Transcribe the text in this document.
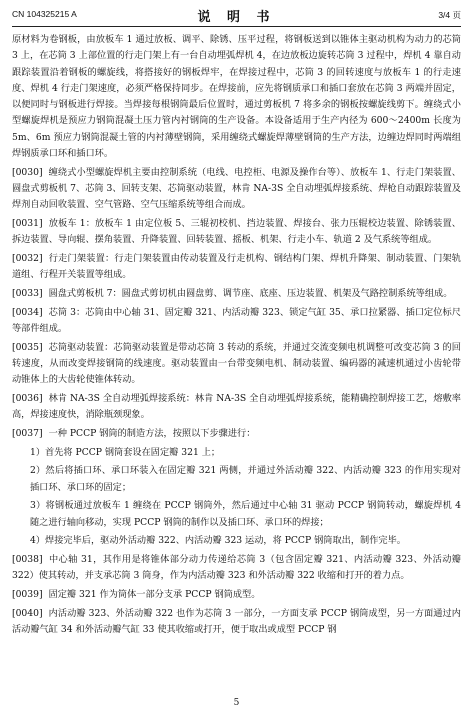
CN 104325215 A	说 明 书	3/4 页

原材料为卷钢板，由放板车 1 通过放板、调平、除锈、压平过程，将钢板送到以锥体主驱动机构为动力的芯筒 3 上，在芯筒 3 上部位置的行走门架上有一台自动埋弧焊机 4，在边放板边旋转芯筒 3 过程中，焊机 4 靠自动跟踪装置沿着钢板的螺旋线，将搭接好的钢板焊牢，在焊接过程中，芯筒 3 的回转速度与放板车 1 的行走速度、焊机 4 行走门架速度，必须严格保持同步。在焊接前，应先将钢质承口和插口套放在芯筒 3 两端并固定，以便同时与钢板进行焊接。当焊接每根钢筒最后位置时，通过剪板机 7 将多余的钢板按螺旋线剪下。缠绕式小型螺旋焊机是预应力钢筒混凝土压力管内衬钢筒的生产设备。本设备适用于生产内径为 600～2400m 长度为 5m、6m 预应力钢筒混凝土管的内衬薄壁钢筒，采用缠绕式螺旋焊薄壁钢筒的生产方法，边缠边焊同时两端组焊钢质承口环和插口环。

[0030] 缠绕式小型螺旋焊机主要由控制系统（电线、电控柜、电源及操作台等）、放板车 1、行走门架装置、圆盘式剪板机 7、芯筒 3、回转支架、芯筒驱动装置，林肯 NA-3S 全自动埋弧焊接系统、焊枪自动跟踪装置及焊剂自动回收装置、空气管路、空气压缩系统等组合而成。

[0031] 放板车 1：放板车 1 由定位板 5、三辊初校机、挡边装置、焊接台、张力压辊校边装置、除锈装置、拆边装置、导向辊、摆角装置、升降装置、回转装置、摇板、机架、行走小车、轨道 2 及气系统等组成。

[0032] 行走门架装置：行走门架装置由传动装置及行走机构、钢结构门架、焊机升降架、制动装置、门架轨道组、行程开关装置等组成。

[0033] 圆盘式剪板机 7：圆盘式剪切机由圆盘剪、调节座、底座、压边装置、机架及气路控制系统等组成。

[0034] 芯筒 3：芯筒由中心轴 31、固定瓣 321、内活动瓣 323、锁定气缸 35、承口拉紧器、插口定位标尺等部件组成。

[0035] 芯筒驱动装置：芯筒驱动装置是带动芯筒 3 转动的系统，并通过交流变频电机调整可改变芯筒 3 的回转速度，从而改变焊接钢筒的线速度。驱动装置由一台带变频电机、制动装置、编码器的减速机通过小齿轮带动锥体上的大齿轮使锥体转动。

[0036] 林肯 NA-3S 全自动埋弧焊接系统：林肯 NA-3S 全自动埋弧焊接系统，能精确控制焊接工艺，熔敷率高，焊接速度快，消除瓶颈现象。

[0037] 一种 PCCP 钢筒的制造方法，按照以下步骤进行：

1）首先将 PCCP 钢筒套设在固定瓣 321 上；

2）然后将插口环、承口环装入在固定瓣 321 两侧，并通过外活动瓣 322、内活动瓣 323 的作用实现对插口环、承口环的固定；

3）将钢板通过放板车 1 缠绕在 PCCP 钢筒外，然后通过中心轴 31 驱动 PCCP 钢筒转动，螺旋焊机 4 随之进行轴向移动，实现 PCCP 钢筒的制作以及插口环、承口环的焊接；

4）焊接完毕后，驱动外活动瓣 322、内活动瓣 323 运动，将 PCCP 钢筒取出，制作完毕。

[0038] 中心轴 31，其作用是将锥体部分动力传递给芯筒 3（包含固定瓣 321、内活动瓣 323、外活动瓣 322）使其转动，并支承芯筒 3 筒身，作为内活动瓣 323 和外活动瓣 322 收缩和打开的着力点。

[0039] 固定瓣 321 作为筒体一部分支承 PCCP 钢筒成型。

[0040] 内活动瓣 323、外活动瓣 322 也作为芯筒 3 一部分，一方面支承 PCCP 钢筒成型，另一方面通过内活动瓣气缸 34 和外活动瓣气缸 33 使其收缩或打开，便于取出或成型 PCCP 钢

5
